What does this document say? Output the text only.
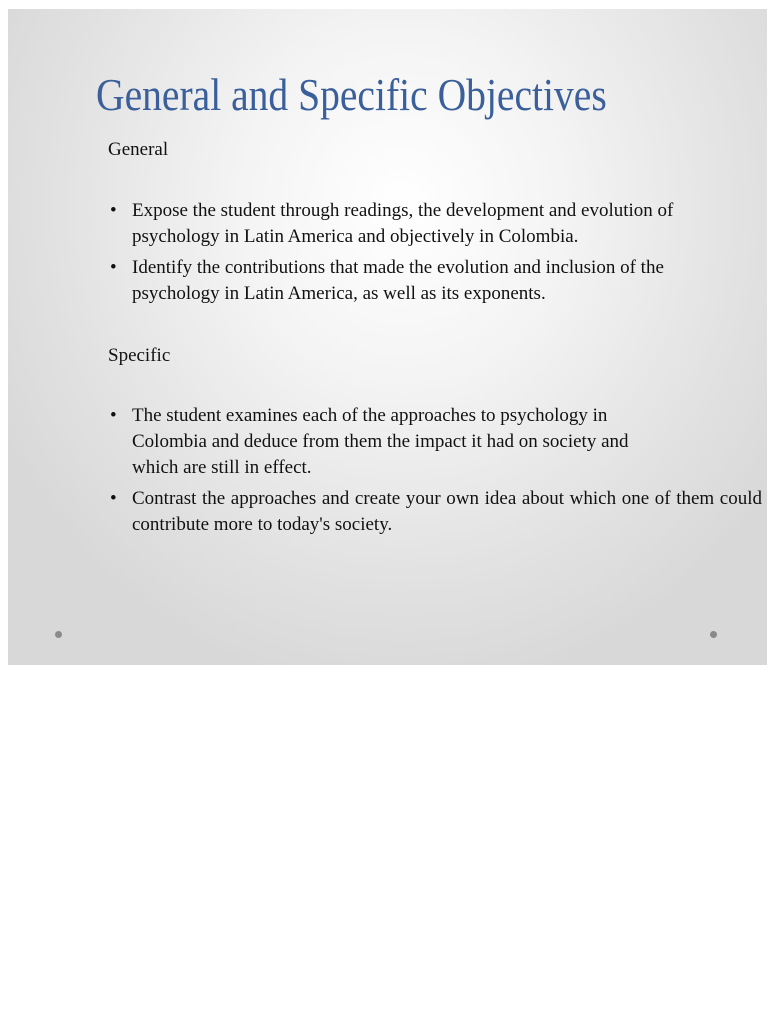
General and Specific Objectives
General
• Expose the student through readings, the development and evolution of psychology in Latin America and objectively in Colombia.
• Identify the contributions that made the evolution and inclusion of the psychology in Latin America, as well as its exponents.
Specific
• The student examines each of the approaches to psychology in Colombia and deduce from them the impact it had on society and which are still in effect.
• Contrast the approaches and create your own idea about which one of them could contribute more to today's society.
